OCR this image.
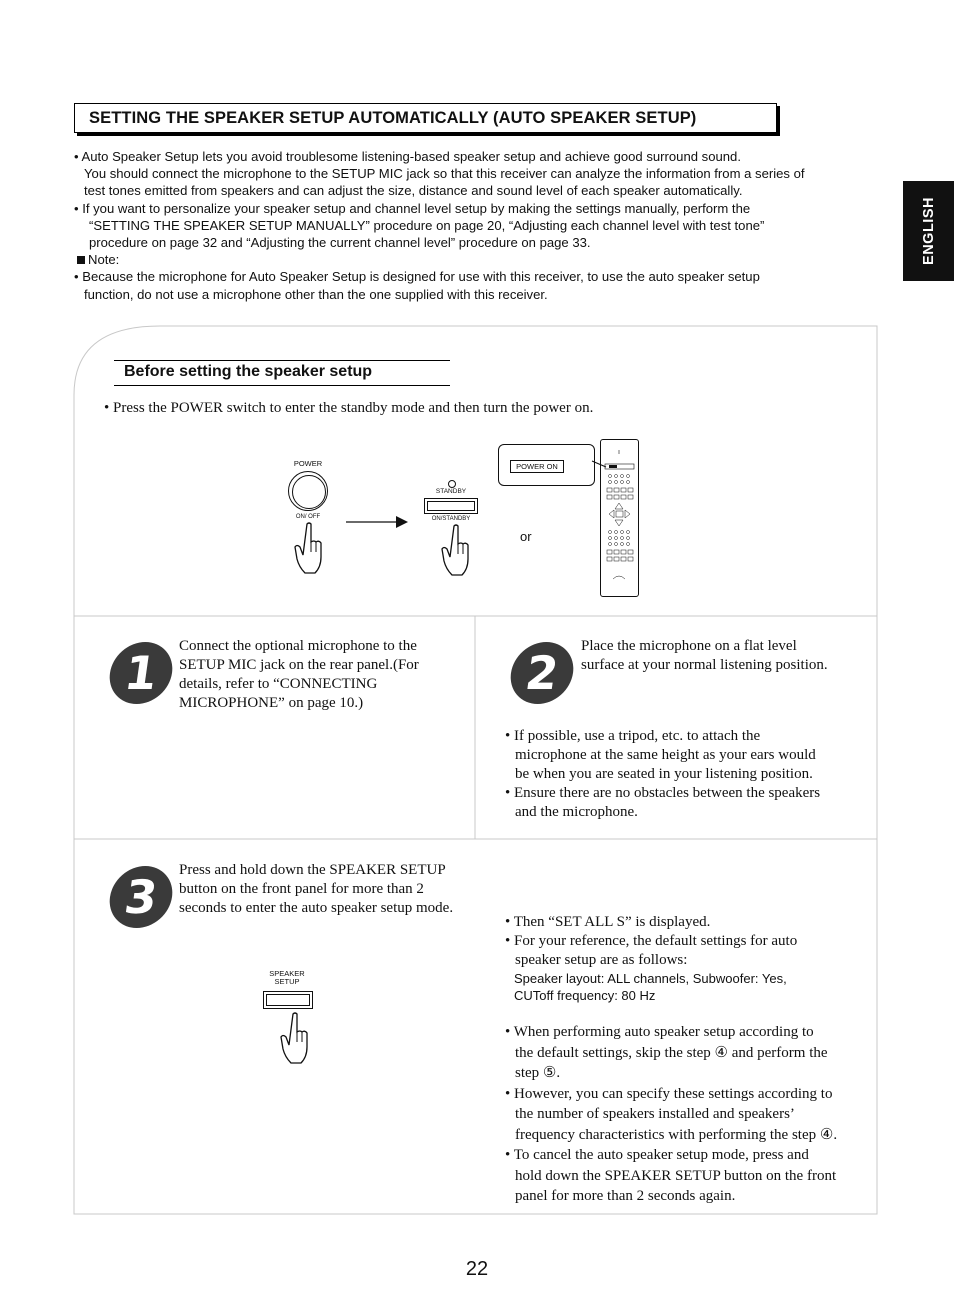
SETTING THE SPEAKER SETUP AUTOMATICALLY (AUTO SPEAKER SETUP)
ENGLISH

• Auto Speaker Setup lets you avoid troublesome listening-based speaker setup and achieve good surround sound.

You should connect the microphone to the SETUP MIC jack so that this receiver can analyze the information from a series of

test tones emitted from speakers and can adjust the size, distance and sound level of each speaker automatically.

• If you want to personalize your speaker setup and channel level setup by making the settings manually, perform the

“SETTING THE SPEAKER SETUP MANUALLY” procedure on page 20, “Adjusting each channel level with test tone”

procedure on page 32 and “Adjusting the current channel level” procedure on page 33.

Note:

• Because the microphone for Auto Speaker Setup is designed for use with this receiver, to use the auto speaker setup

function, do not use a microphone other than the one supplied with this receiver.

Before setting the speaker setup
• Press the POWER switch to enter the standby mode and then turn the power on.
POWER
ON/ OFF
STANDBY
ON/STANDBY
POWER ON
or
1	Connect the optional microphone to the
SETUP MIC jack on the rear panel.(For
details, refer to “CONNECTING
MICROPHONE” on page 10.)
2	Place the microphone on a flat level
surface at your normal listening position.
• If possible, use a tripod, etc. to attach the
microphone at the same height as your ears would
be when you are seated in your listening position.
• Ensure there are no obstacles between the speakers
and the microphone.
3	Press and hold down the SPEAKER SETUP
button on the front panel for more than 2
seconds to enter the auto speaker setup mode.
SPEAKER
SETUP
• Then “SET ALL S” is displayed.
• For your reference, the default settings for auto
speaker setup are as follows:
Speaker layout: ALL channels, Subwoofer: Yes,
CUToff frequency: 80 Hz
• When performing auto speaker setup according to
the default settings, skip the step ④ and perform the
step ⑤.
• However, you can specify these settings according to
the number of speakers installed and speakers’
frequency characteristics with performing the step ④.
• To cancel the auto speaker setup mode, press and
hold down the SPEAKER SETUP button on the front
panel for more than 2 seconds again.
22
